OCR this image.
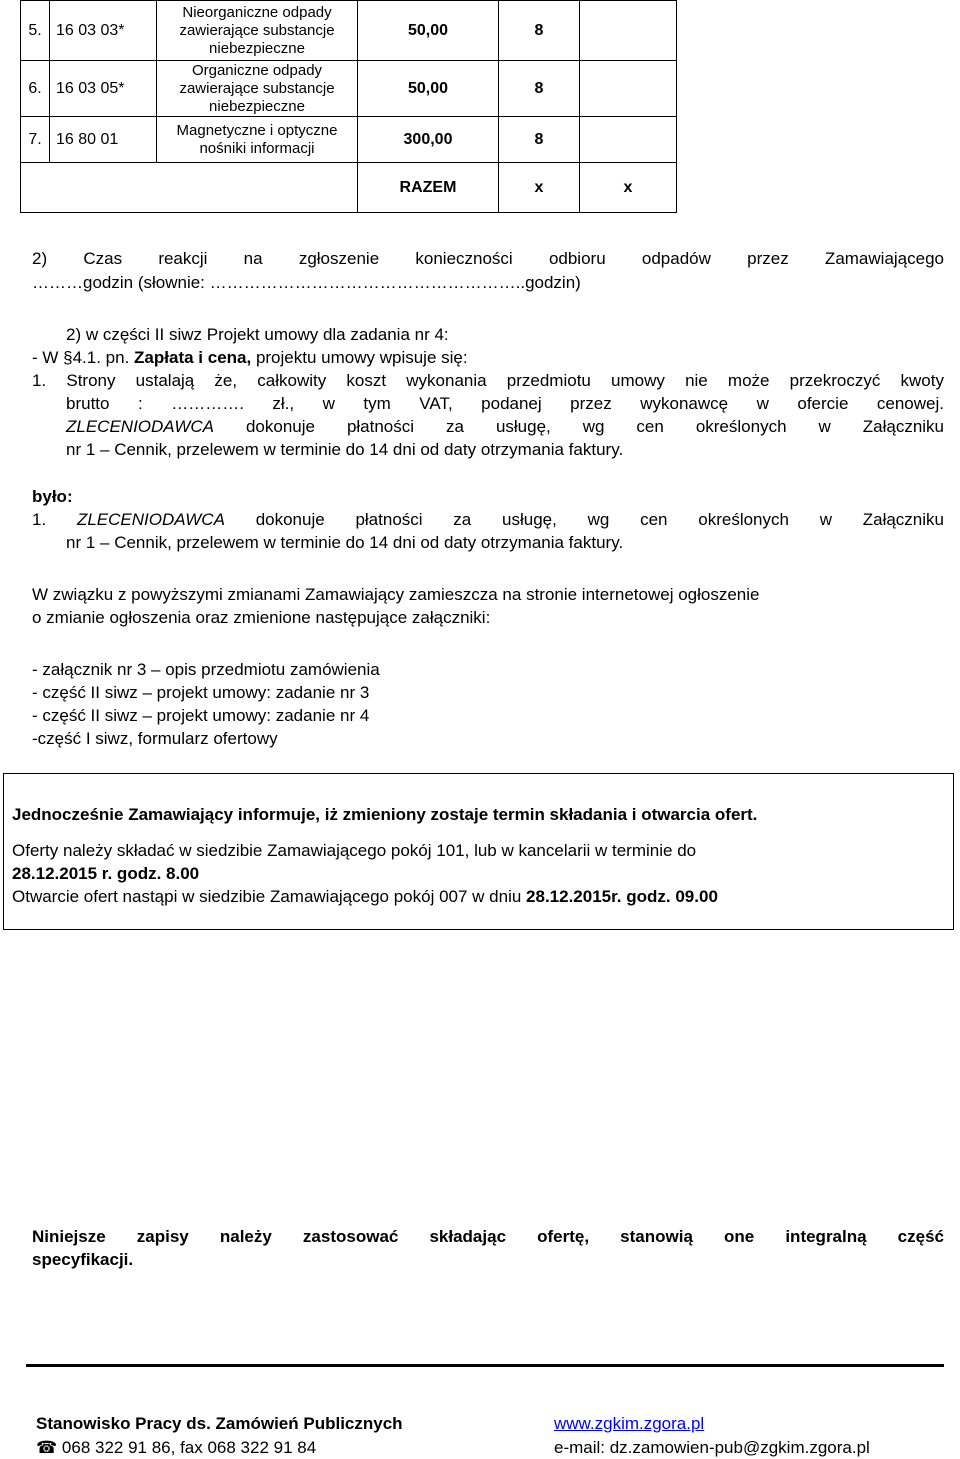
5.	16 03 03*	Nieorganiczne odpady zawierające substancje niebezpieczne	50,00	8	
6.	16 03 05*	Organiczne odpady zawierające substancje niebezpieczne	50,00	8	
7.	16 80 01	Magnetyczne i optyczne nośniki informacji	300,00	8	
			RAZEM	x	x
2) Czas reakcji na zgłoszenie konieczności odbioru odpadów przez Zamawiającego
………godzin (słownie: ………………………………………………..godzin)
2) w części II siwz Projekt umowy dla zadania nr 4:
- W §4.1. pn. Zapłata i cena, projektu umowy wpisuje się:
1. Strony ustalają że, całkowity koszt wykonania przedmiotu umowy nie może przekroczyć kwoty
brutto : …………. zł., w tym VAT, podanej przez wykonawcę w ofercie cenowej.
ZLECENIODAWCA dokonuje płatności za usługę, wg cen określonych w Załączniku
nr 1 – Cennik, przelewem w terminie do 14 dni od daty otrzymania faktury.
było:
1. ZLECENIODAWCA dokonuje płatności za usługę, wg cen określonych w Załączniku
nr 1 – Cennik, przelewem w terminie do 14 dni od daty otrzymania faktury.
W związku z powyższymi zmianami Zamawiający zamieszcza na stronie internetowej ogłoszenie
o zmianie ogłoszenia oraz zmienione następujące załączniki:
- załącznik nr 3 – opis przedmiotu zamówienia
- część II siwz – projekt umowy: zadanie nr 3
- część II siwz – projekt umowy: zadanie nr 4
-część I siwz, formularz ofertowy
Jednocześnie Zamawiający informuje, iż zmieniony zostaje termin składania i otwarcia ofert.
Oferty należy składać w siedzibie Zamawiającego pokój 101, lub w kancelarii w terminie do
28.12.2015 r. godz. 8.00
Otwarcie ofert nastąpi w siedzibie Zamawiającego pokój 007 w dniu 28.12.2015r. godz. 09.00
Niniejsze zapisy należy zastosować składając ofertę, stanowią one integralną część
specyfikacji.
Stanowisko Pracy ds. Zamówień Publicznych	www.zgkim.zgora.pl
☎ 068 322 91 86, fax 068 322 91 84	e-mail: dz.zamowien-pub@zgkim.zgora.pl
